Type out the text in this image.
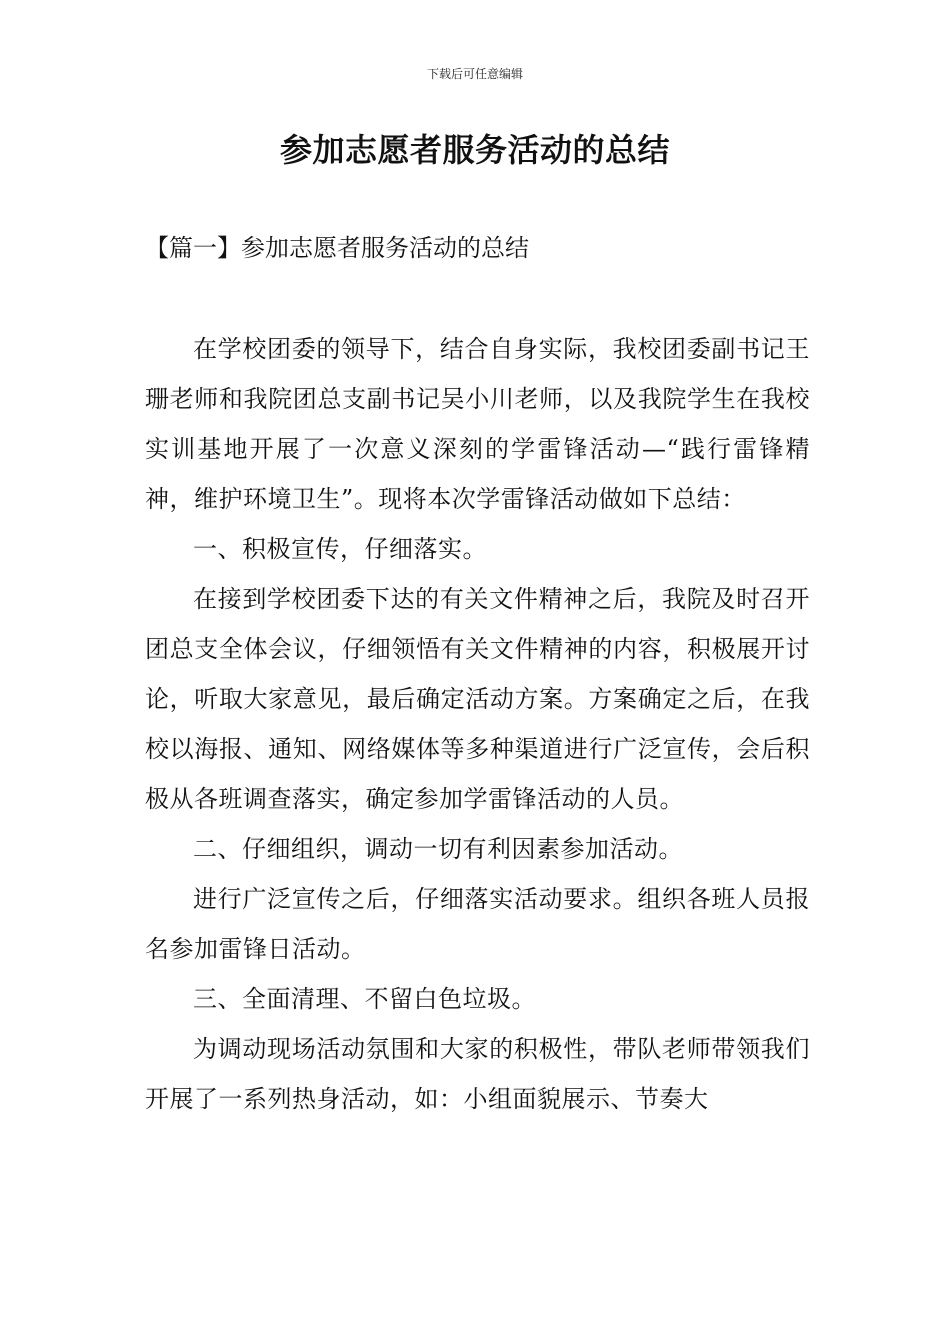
下载后可任意编辑
参加志愿者服务活动的总结
【篇一】参加志愿者服务活动的总结

在学校团委的领导下，结合自身实际，我校团委副书记王珊老师和我院团总支副书记吴小川老师，以及我院学生在我校实训基地开展了一次意义深刻的学雷锋活动—“践行雷锋精神，维护环境卫生”。现将本次学雷锋活动做如下总结：

一、积极宣传，仔细落实。

在接到学校团委下达的有关文件精神之后，我院及时召开团总支全体会议，仔细领悟有关文件精神的内容，积极展开讨论，听取大家意见，最后确定活动方案。方案确定之后，在我校以海报、通知、网络媒体等多种渠道进行广泛宣传，会后积极从各班调查落实，确定参加学雷锋活动的人员。

二、仔细组织，调动一切有利因素参加活动。

进行广泛宣传之后，仔细落实活动要求。组织各班人员报名参加雷锋日活动。

三、全面清理、不留白色垃圾。

为调动现场活动氛围和大家的积极性，带队老师带领我们开展了一系列热身活动，如：小组面貌展示、节奏大
